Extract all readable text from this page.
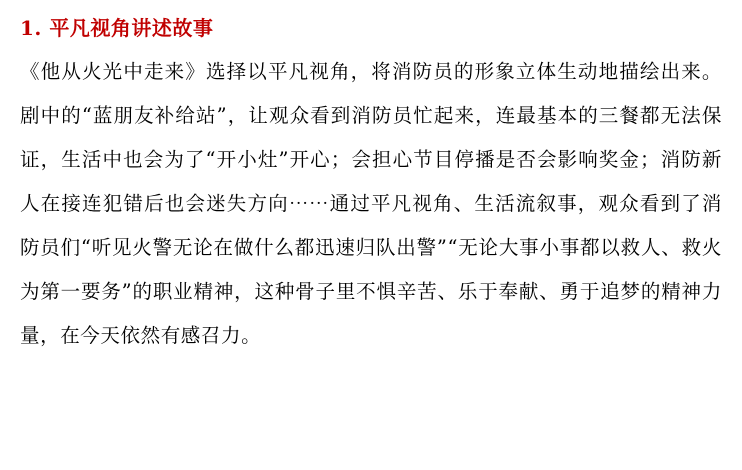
1. 平凡视角讲述故事

《他从火光中走来》选择以平凡视角，将消防员的形象立体生动地描绘出来。剧中的“蓝朋友补给站”，让观众看到消防员忙起来，连最基本的三餐都无法保证，生活中也会为了“开小灶”开心；会担心节目停播是否会影响奖金；消防新人在接连犯错后也会迷失方向⋯⋯通过平凡视角、生活流叙事，观众看到了消防员们“听见火警无论在做什么都迅速归队出警”“无论大事小事都以救人、救火为第一要务”的职业精神，这种骨子里不惧辛苦、乐于奉献、勇于追梦的精神力量，在今天依然有感召力。
